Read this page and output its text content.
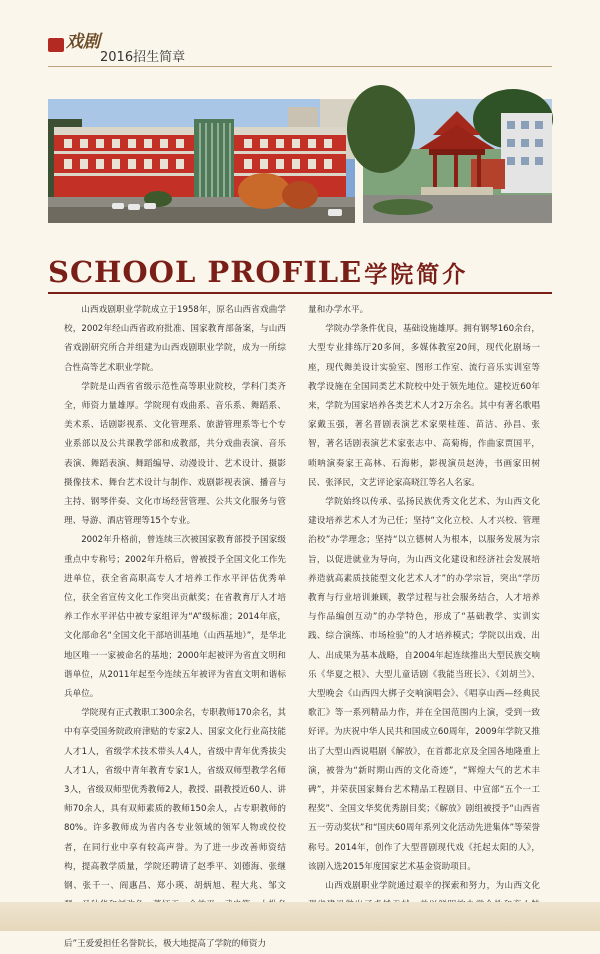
戏剧
2016招生简章
SCHOOL PROFILE学院简介

山西戏剧职业学院成立于1958年，原名山西省戏曲学校，2002年经山西省政府批准、国家教育部备案，与山西省戏剧研究所合并组建为山西戏剧职业学院，成为一所综合性高等艺术职业学院。

学院是山西省省级示范性高等职业院校，学科门类齐全，师资力量雄厚。学院现有戏曲系、音乐系、舞蹈系、美术系、话剧影视系、文化管理系、旅游管理系等七个专业系部以及公共课教学部和成教部，共分戏曲表演、音乐表演、舞蹈表演、舞蹈编导、动漫设计、艺术设计、摄影摄像技术、舞台艺术设计与制作、戏剧影视表演、播音与主持、钢琴伴奏、文化市场经营管理、公共文化服务与管理、导游、酒店管理等15个专业。

2002年升格前，曾连续三次被国家教育部授予国家级重点中专称号；2002年升格后，曾被授予全国文化工作先进单位，获全省高职高专人才培养工作水平评估优秀单位，获全省宣传文化工作突出贡献奖；在省教育厅人才培养工作水平评估中被专家组评为“A”级标准；2014年底，文化部命名“全国文化干部培训基地（山西基地）”，是华北地区唯一一家被命名的基地；2000年起被评为省直文明和谐单位，从2011年起至今连续五年被评为省直文明和谐标兵单位。

学院现有正式教职工300余名，专职教师170余名，其中有享受国务院政府津贴的专家2人、国家文化行业高技能人才1人，省级学术技术带头人4人，省级中青年优秀拔尖人才1人，省级中青年教育专家1人，省级双师型教学名师3人，省级双师型优秀教师2人，教授、副教授近60人、讲师70余人，具有双师素质的教师150余人，占专职教师的80%。许多教师成为省内各专业领域的领军人物或佼佼者，在同行业中享有较高声誉。为了进一步改善师资结构，提高教学质量，学院还聘请了赵季平、刘德海、张继钢、张千一、阎惠昌、郑小瑛、胡炳旭、程大兆、邹文 后”王爱爱担任名誉院长，极大地提高了学院的师资力

量和办学水平。

学院办学条件优良，基础设施雄厚。拥有钢琴160余台，大型专业排练厅20多间，多媒体教室20间，现代化剧场一座，现代舞美设计实验室、图形工作室、流行音乐实训室等教学设施在全国同类艺术院校中处于领先地位。建校近60年来，学院为国家培养各类艺术人才2万余名。其中有著名歌唱家戴玉强，著名晋剧表演艺术家栗桂莲、苗洁、孙昌、张智，著名话剧表演艺术家张志中、高菊梅，作曲家贾国平，唢呐演奏家王高林、石海彬，影视演员赵涛，书画家田树民、张泽民，文艺评论家高晓江等名人名家。

学院始终以传承、弘扬民族优秀文化艺术、为山西文化建设培养艺术人才为己任；坚持“文化立校、人才兴校、管理治校”办学理念；坚持“以立德树人为根本，以服务发展为宗旨，以促进就业为导向，为山西文化建设和经济社会发展培养造就高素质技能型文化艺术人才”的办学宗旨，突出“学历教育与行业培训兼顾，教学过程与社会服务结合，人才培养与作品编创互动”的办学特色，形成了“基础教学、实训实践、综合演练、市场检验”的人才培养模式；学院以出戏、出人、出成果为基本战略，自2004年起连续推出大型民族交响乐《华夏之根》、大型儿童话剧《我能当班长》、《刘胡兰》、大型晚会《山西四大梆子交响演唱会》、《唱享山西—经典民歌汇》等一系列精品力作，并在全国范围内上演，受到一致好评。为庆祝中华人民共和国成立60周年，2009年学院又推出了大型山西说唱剧《解放》，在首都北京及全国各地隆重上演，被誉为“新时期山西的文化奇迹”，“辉煌大气的艺术丰碑”，并荣获国家舞台艺术精品工程剧目、中宣部“五个一工程奖”、全国文华奖优秀剧目奖；《解放》剧组被授予“山西省五一劳动奖状”和“国庆60周年系列文化活动先进集体”等荣誉称号。2014年，创作了大型晋剧现代戏《托起太阳的人》，该剧入选2015年度国家艺术基金资助项目。

山西戏剧职业学院通过艰辛的探索和努力，为山西文化
